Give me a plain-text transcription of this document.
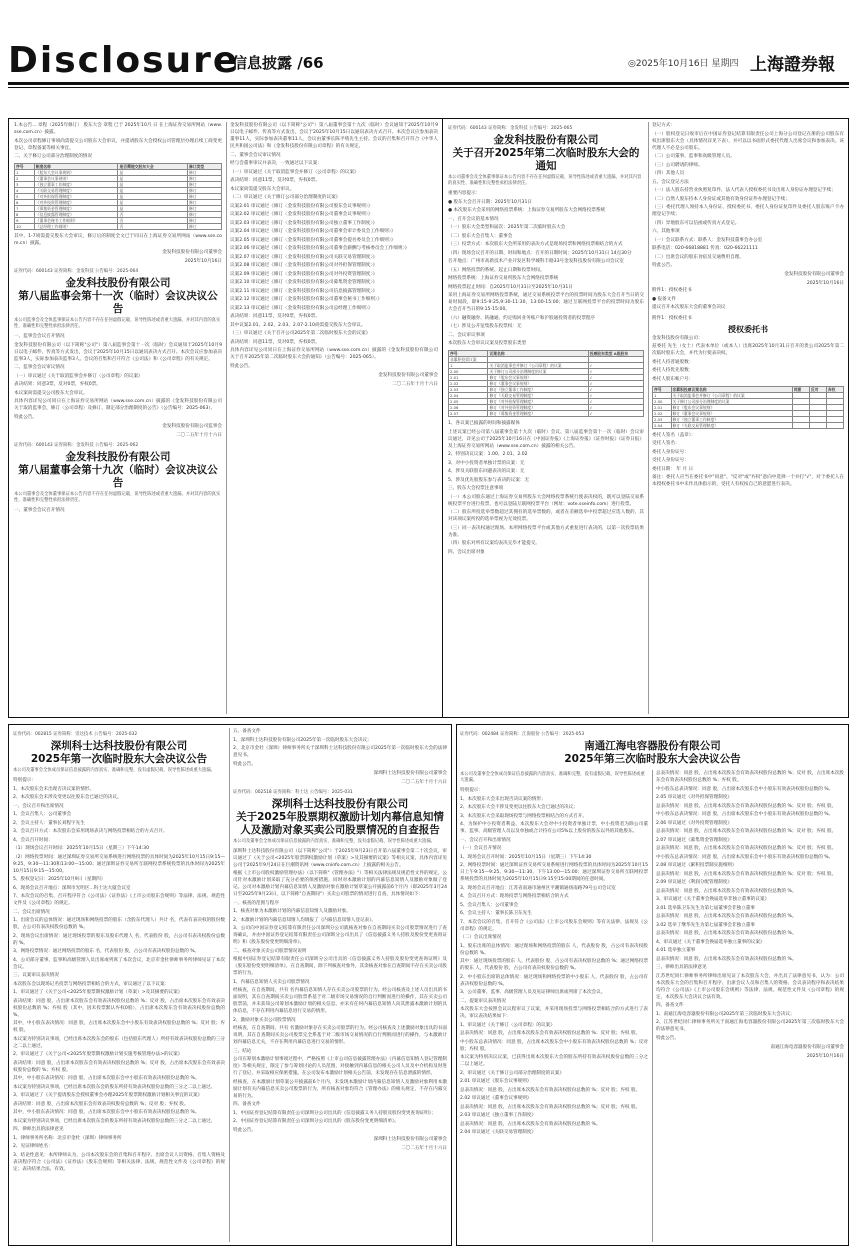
Disclosure
信息披露 /66	◎2025年10月16日 星期四 上海證券報

1.本公告... 章程（2025年修订） 股东大会 章程 已于 2025年10月 日 在上海证券交易所网站（www.sse.com.cn）披露。

本次公司章程修订事项尚需提交公司股东大会审议，并提请股东大会授权公司管理层办理后续工商变更登记、章程备案等相关事宜。

二、关于修订公司部分治理制度的情况

序号	制度名称	是否需提交股东大会	修订类型
1	《股东大会议事规则》	是	修订
2	《董事会议事规则》	是	修订
3	《独立董事工作制度》	是	修订
4	《关联交易管理制度》	是	修订
5	《对外担保管理制度》	是	修订
6	《对外投资管理制度》	是	修订
7	《募集资金管理制度》	是	修订
8	《信息披露管理制度》	否	修订
9	《董事会秘书工作细则》	否	修订
10	《总经理工作细则》	否	修订

其中，1-7项需提交股东大会审议，修订后的制度全文已于同日在上海证券交易所网站（www.sse.com.cn）披露。

金发科技股份有限公司董事会
2025年10月16日
证券代码：600143 证券简称：金发科技 公告编号：2025-064
金发科技股份有限公司
第八届监事会第十一次（临时）会议决议公告
本公司监事会及全体监事保证本公告内容不存在任何虚假记载、误导性陈述或者重大遗漏，并对其内容的真实性、准确性和完整性承担法律责任。

一、监事会会议召开情况

金发科技股份有限公司（以下简称"公司"）第八届监事会第十一次（临时）会议通知于2025年10月9日以电子邮件、传真等方式发出，会议于2025年10月15日以通讯表决方式召开。本次会议应参加表决监事3人，实际参加表决监事3人。会议的召集和召开符合《公司法》和《公司章程》的有关规定。

二、监事会会议审议情况

（一）审议通过《关于取消监事会并修订〈公司章程〉的议案》

表决结果：同意3票，反对0票，弃权0票。

本议案尚需提交公司股东大会审议。

具体内容详见公司同日在上海证券交易所网站（www.sse.com.cn）披露的《金发科技股份有限公司关于取消监事会、修订〈公司章程〉及修订、制定部分治理制度的公告》（公告编号：2025-063）。

特此公告。

金发科技股份有限公司监事会
二〇二五年十月十六日
证券代码：600143 证券简称：金发科技 公告编号：2025-062
金发科技股份有限公司
第八届董事会第十九次（临时）会议决议公告
本公司董事会及全体董事保证本公告内容不存在任何虚假记载、误导性陈述或者重大遗漏，并对其内容的真实性、准确性和完整性承担法律责任。

一、董事会会议召开情况

金发科技股份有限公司（以下简称"公司"）第八届董事会第十九次（临时）会议通知于2025年10月9日以电子邮件、传真等方式发出，会议于2025年10月15日以通讯表决方式召开。本次会议应参加表决董事11人，实际参加表决董事11人。会议由董事长陈平绪先生主持。会议的召集和召开符合《中华人民共和国公司法》和《金发科技股份有限公司章程》的有关规定。

二、董事会会议审议情况

经与会董事审议并表决，一致通过以下议案：

（一）审议通过《关于取消监事会并修订〈公司章程〉的议案》

表决结果：同意11票，反对0票，弃权0票。

本议案尚需提交股东大会审议。

（二）审议通过《关于修订公司部分治理制度的议案》

议案2.01 审议通过《修订〈金发科技股份有限公司股东会议事规则〉》

议案2.02 审议通过《修订〈金发科技股份有限公司董事会议事规则〉》

议案2.03 审议通过《修订〈金发科技股份有限公司独立董事工作制度〉》

议案2.04 审议通过《修订〈金发科技股份有限公司董事会审计委员会工作细则〉》

议案2.05 审议通过《修订〈金发科技股份有限公司董事会提名委员会工作细则〉》

议案2.06 审议通过《修订〈金发科技股份有限公司董事会薪酬与考核委员会工作细则〉》

议案2.07 审议通过《修订〈金发科技股份有限公司关联交易管理制度〉》

议案2.08 审议通过《修订〈金发科技股份有限公司对外担保管理制度〉》

议案2.09 审议通过《修订〈金发科技股份有限公司对外投资管理制度〉》

议案2.10 审议通过《修订〈金发科技股份有限公司募集资金管理制度〉》

议案2.11 审议通过《修订〈金发科技股份有限公司信息披露管理制度〉》

议案2.12 审议通过《修订〈金发科技股份有限公司董事会秘书工作细则〉》

议案2.13 审议通过《修订〈金发科技股份有限公司总经理工作细则〉》

表决结果：同意11票，反对0票，弃权0票。

其中议案2.01、2.02、2.03、2.07-2.10尚需提交股东大会审议。

（三）审议通过《关于召开公司2025年第二次临时股东大会的议案》

表决结果：同意11票，反对0票，弃权0票。

具体内容详见公司同日在上海证券交易所网站（www.sse.com.cn）披露的《金发科技股份有限公司关于召开2025年第二次临时股东大会的通知》（公告编号：2025-065）。

特此公告。

金发科技股份有限公司董事会
二〇二五年十月十六日
证券代码：600143 证券简称：金发科技 公告编号：2025-065
金发科技股份有限公司
关于召开2025年第二次临时股东大会的通知
本公司董事会及全体董事保证本公告内容不存在任何虚假记载、误导性陈述或者重大遗漏，并对其内容的真实性、准确性和完整性承担法律责任。

重要内容提示：

● 股东大会召开日期：2025年10月31日

● 本次股东大会采用的网络投票系统：上海证券交易所股东大会网络投票系统

一、召开会议的基本情况

（一）股东大会类型和届次：2025年第二次临时股东大会

（二）股东大会召集人：董事会

（三）投票方式：本次股东大会所采用的表决方式是现场投票和网络投票相结合的方式

（四）现场会议召开的日期、时间和地点：召开的日期时间：2025年10月31日 14点30分

召开地点：广州市高新技术产业开发区科学城科丰路33号金发科技股份有限公司会议室

（五）网络投票的系统、起止日期和投票时间。

网络投票系统：上海证券交易所股东大会网络投票系统

网络投票起止时间：自2025年10月31日至2025年10月31日

采用上海证券交易所网络投票系统，通过交易系统投票平台的投票时间为股东大会召开当日的交易时间段，即9:15-9:25,9:30-11:30，13:00-15:00；通过互联网投票平台的投票时间为股东大会召开当日的9:15-15:00。

（六）融资融券、转融通、约定购回业务账户和沪股通投资者的投票程序

（七）涉及公开征集股东投票权：无

二、会议审议事项

本次股东大会审议议案及投票股东类型

序号	议案名称	投票股东类型 A股股东
非累积投票议案		
1	关于取消监事会并修订《公司章程》的议案	√
2.00	关于修订公司部分治理制度的议案	√
2.01	修订《股东会议事规则》	√
2.02	修订《董事会议事规则》	√
2.03	修订《独立董事工作制度》	√
2.04	修订《关联交易管理制度》	√
2.05	修订《对外担保管理制度》	√
2.06	修订《对外投资管理制度》	√
2.07	修订《募集资金管理制度》	√

1、各议案已披露的时间和披露媒体

上述议案已经公司第八届董事会第十九次（临时）会议、第八届监事会第十一次（临时）会议审议通过，详见公司于2025年10月16日在《中国证券报》《上海证券报》《证券时报》《证券日报》及上海证券交易所网站（www.sse.com.cn）披露的相关公告。

2、特别决议议案：1.00、2.01、2.02

3、对中小投资者单独计票的议案：无

4、涉及关联股东回避表决的议案：无

5、涉及优先股股东参与表决的议案：无

三、股东大会投票注意事项

（一）本公司股东通过上海证券交易所股东大会网络投票系统行使表决权的，既可以登陆交易系统投票平台进行投票，也可以登陆互联网投票平台（网址：vote.sseinfo.com）进行投票。

（二）股东所投选举票数超过其拥有的选举票数的，或者在差额选举中投票超过应选人数的，其对该项议案所投的选举票视为无效投票。

（三）同一表决权通过现场、本所网络投票平台或其他方式重复进行表决的，以第一次投票结果为准。

（四）股东对所有议案均表决完毕才能提交。

四、会议出席对象

登记方式：

（一）股权登记日收市后在中国证券登记结算有限责任公司上海分公司登记在册的公司股东有权出席股东大会（具体情况详见下表），并可以以书面形式委托代理人出席会议和参加表决。该代理人不必是公司股东。

（二）公司董事、监事和高级管理人员。

（三）公司聘请的律师。

（四）其他人员

五、会议登记方法

（一）法人股东持营业执照复印件、法人代表人授权委托书及出席人身份证办理登记手续；

（二）自然人股东持本人身份证或其他有效身份证件办理登记手续；

（三）委托代理人须持本人身份证、授权委托书、委托人身份证复印件及委托人股东账户卡办理登记手续；

（四）异地股东可以信函或传真方式登记。

六、其他事项

（一）会议联系方式：联系人：金发科技董事会办公室

联系电话：020-66818881 传真：020-66221111

（二）出席会议的股东食宿及交通费用自理。

特此公告。

金发科技股份有限公司董事会
2025年10月16日

附件1：授权委托书

● 报备文件

提议召开本次股东大会的董事会决议

附件1：授权委托书

授权委托书

金发科技股份有限公司：

兹委托 先生（女士）代表本单位（或本人）出席2025年10月31日召开的贵公司2025年第二次临时股东大会，并代为行使表决权。

委托人持普通股数：

委托人持优先股数：

委托人股东帐户号：

序号	非累积投票议案名称	同意	反对	弃权
1	关于取消监事会并修订《公司章程》的议案			
2.00	关于修订公司部分治理制度的议案			
2.01	修订《股东会议事规则》			
2.02	修订《董事会议事规则》			
2.03	修订《独立董事工作制度》			
2.04	修订《关联交易管理制度》			

委托人签名（盖章）：

受托人签名：

委托人身份证号：

受托人身份证号：

委托日期： 年 月 日

备注：委托人应当在委托书中"同意"、"反对"或"弃权"意向中选择一个并打"√"，对于委托人在本授权委托书中未作具体指示的，受托人有权按自己的意愿进行表决。

证券代码：002815 证券简称：崇达技术 公告编号：2025-032
深圳科士达科技股份有限公司
2025年第一次临时股东大会决议公告
本公司及董事会全体成员保证信息披露的内容真实、准确和完整，没有虚假记载、误导性陈述或重大遗漏。

特别提示：

1、本次股东会未出现否决议案的情形。

2、本次股东会未涉及变更以往股东会已通过的决议。

一、会议召开和出席情况

1、会议召集人：公司董事会

2、会议主持人：董事长刘程宇先生

3、会议召开方式：本次股东会采用现场表决与网络投票相结合的方式召开。

4、会议召开时间：

（1）现场会议召开时间：2025年10月15日（星期三）下午14:30

（2）网络投票时间：通过深圳证券交易所交易系统进行网络投票的具体时间为2025年10月15日9:15—9:25，9:30—11:30和13:00—15:00；通过深圳证券交易所互联网投票系统投票的具体时间为2025年10月15日9:15—15:00。

5、股权登记日：2025年10月9日（星期四）

6、现场会议召开地点：深圳市光明区...科士达大厦会议室

7、本次会议的召集、召开程序符合《公司法》《证券法》《上市公司股东会规则》等法律、法规、规范性文件及《公司章程》的规定。

二、会议出席情况

1、出席会议的总体情况：通过现场和网络投票的股东（含股东代理人）共计 名，代表有表决权的股份数 股，占公司有表决权股份总数的 %。

2、现场会议出席情况：通过现场投票的股东及股东代理人 名，代表股份 股，占公司有表决权股份总数的 %。

3、网络投票情况：通过网络投票的股东 名，代表股份 股，占公司有表决权股份总数的 %。

4、公司部分董事、监事和高级管理人员出席或列席了本次会议，北京市金杜律师事务所律师见证了本次会议。

三、议案审议表决情况

本次股东会以现场记名投票与网络投票相结合的方式，审议通过了以下议案：

1、审议通过了《关于公司<2025年股票期权激励计划（草案）>及其摘要的议案》

表决结果：同意 股，占出席本次股东会有效表决权股份总数的 %；反对 股，占出席本次股东会有效表决权股份总数的 %；弃权 股（其中，因未投票默认弃权0股），占出席本次股东会有效表决权股份总数的 %。

其中，中小股东表决情况：同意 股，占出席本次股东会中小股东有效表决权股份总数的 %；反对 股；弃权 股。

本议案为特别决议事项，已经出席本次股东会的股东（包括股东代理人）所持有效表决权股份总数的三分之二以上通过。

2、审议通过了《关于公司<2025年股票期权激励计划实施考核管理办法>的议案》

表决结果：同意 股，占出席本次股东会有效表决权股份总数的 %；反对 股，占出席本次股东会有效表决权股份总数的 %；弃权 股。

其中，中小股东表决情况：同意 股，占出席本次股东会中小股东有效表决权股份总数的 %。

本议案为特别决议事项，已经出席本次股东会的股东所持有效表决权股份总数的三分之二以上通过。

3、审议通过了《关于提请股东会授权董事会办理2025年股票期权激励计划相关事宜的议案》

表决结果：同意 股，占出席本次股东会有效表决权股份总数的 %；反对 股；弃权 股。

其中，中小股东表决情况：同意 股，占出席本次股东会中小股东有效表决权股份总数的 %。

本议案为特别决议事项，已经出席本次股东会的股东所持有效表决权股份总数的三分之二以上通过。

四、律师出具的法律意见

1、律师事务所名称：北京市金杜（深圳）律师事务所

2、见证律师姓名：

3、结论性意见：本所律师认为，公司本次股东会的召集和召开程序、出席会议人员资格、召集人资格及表决程序符合《公司法》《证券法》《股东会规则》等相关法律、法规、规范性文件及《公司章程》的规定；表决结果合法、有效。

五、备查文件

1、深圳科士达科技股份有限公司2025年第一次临时股东大会决议；

2、北京市金杜（深圳）律师事务所关于深圳科士达科技股份有限公司2025年第一次临时股东大会的法律意见书。

特此公告。

深圳科士达科技股份有限公司董事会
二〇二五年十月十六日
证券代码：002518 证券简称：科士达 公告编号：2025-031
深圳科士达科技股份有限公司
关于2025年股票期权激励计划内幕信息知情人及激励对象买卖公司股票情况的自查报告
本公司及董事会全体成员保证信息披露的内容真实、准确和完整，没有虚假记载、误导性陈述或重大遗漏。

深圳科士达科技股份有限公司（以下简称"公司"）于2025年9月23日召开第六届董事会第二十次会议，审议通过了《关于公司<2025年股票期权激励计划（草案）>及其摘要的议案》等相关议案，具体内容详见公司于2025年9月24日在巨潮资讯网（www.cninfo.com.cn）上披露的相关公告。

根据《上市公司股权激励管理办法》（以下简称"《管理办法》"）等相关法律法规及规范性文件的规定，公司针对本激励计划采取了充分必要的保密措施，同时对本激励计划的内幕信息知情人及激励对象做了登记。公司对本激励计划内幕信息知情人及激励对象在激励计划草案公开披露前6个月内（即2025年3月24日至2025年9月23日，以下简称"自查期间"）买卖公司股票的情况进行自查，具体情况如下：

一、核查的范围与程序

1、核查对象为本激励计划的内幕信息知情人及激励对象。

2、本激励计划的内幕信息知情人均填报了《内幕信息知情人登记表》。

3、公司向中国证券登记结算有限责任公司深圳分公司就核查对象在自查期间买卖公司股票情况进行了查询确认，并由中国证券登记结算有限责任公司深圳分公司出具了《信息披露义务人持股及股份变更查询证明》和《股东股份变更明细清单》。

二、核查对象买卖公司股票情况说明

根据中国证券登记结算有限责任公司深圳分公司出具的《信息披露义务人持股及股份变更查询证明》及《股东股份变更明细清单》，在自查期间，除下列核查对象外，其余核查对象在自查期间不存在买卖公司股票的行为。

1、内幕信息知情人买卖公司股票情况

经核查，在自查期间，共有 名内幕信息知情人存在买卖公司股票的行为。经公司核查及上述人员出具的书面说明，其在自查期间买卖公司股票系基于对二级市场交易情况的自行判断而进行的操作，其在买卖公司股票前，并未获知公司筹划本激励计划的相关信息，亦未有任何内幕信息知情人向其泄露本激励计划的具体信息，不存在利用内幕信息进行交易的情形。

2、激励对象买卖公司股票情况

经核查，在自查期间，共有 名激励对象存在买卖公司股票的行为。经公司核查及上述激励对象出具的书面说明，其在自查期间买卖公司股票完全系基于对二级市场交易情况的自行判断而进行的操作，与本激励计划内幕信息无关，不存在利用内幕信息进行交易的情形。

三、结论

公司在筹划本激励计划事项过程中，严格按照《上市公司信息披露管理办法》《内幕信息知情人登记管理制度》等相关规定，限定了参与筹划讨论的人员范围，对接触到内幕信息的相关公司人员及中介机构及时进行了登记，并采取相应保密措施。在公司发布本激励计划相关公告前，未发现存在信息泄露的情形。

经核查，在本激励计划草案公开披露前6个月内，未发现本激励计划内幕信息知情人及激励对象利用本激励计划有关内幕信息买卖公司股票的行为，所有核查对象均符合《管理办法》的相关规定，不存在内幕交易的行为。

四、备查文件

1、中国证券登记结算有限责任公司深圳分公司出具的《信息披露义务人持股及股份变更查询证明》；

2、中国证券登记结算有限责任公司深圳分公司出具的《股东股份变更明细清单》。

特此公告。

深圳科士达科技股份有限公司董事会
二〇二五年十月十六日
证券代码：002484 证券简称：江海股份 公告编号：2025-053
南通江海电容器股份有限公司
2025年第三次临时股东大会决议公告
本公司及董事会全体成员保证信息披露的内容真实、准确和完整，没有虚假记载、误导性陈述或重大遗漏。

特别提示：

1、本次股东大会未出现否决议案的情形；

2、本次股东大会不涉及变更以往股东大会已通过的决议；

3、本次股东大会采取现场投票与网络投票相结合的方式召开。

4、为保护中小投资者利益，本次股东大会对中小投资者单独计票，中小投资者为除公司董事、监事、高级管理人员以及单独或合计持有公司5%以上股份的股东以外的其他股东。

一、会议召开和出席情况

（一）会议召开情况

1、现场会议召开时间：2025年10月15日（星期三）下午14:30

2、网络投票时间：通过深圳证券交易所交易系统进行网络投票的具体时间为2025年10月15日上午9:15—9:25、9:30—11:30，下午13:00—15:00；通过深圳证券交易所互联网投票系统投票的具体时间为2025年10月15日9:15至15:00期间的任意时间。

3、现场会议召开地点：江苏省南通市通州区平潮镇通扬南路79号公司会议室

4、会议召开方式：现场投票与网络投票相结合的方式

5、会议召集人：公司董事会

6、会议主持人：董事长陈卫东先生

7、本次会议的召集、召开符合《公司法》《上市公司股东会规则》等有关法律、法规及《公司章程》的规定。

（二）会议出席情况

1、股东出席的总体情况：通过现场和网络投票的股东 人，代表股份 股，占公司有表决权股份总数的 %。

其中：通过现场投票的股东 人，代表股份 股，占公司有表决权股份总数的 %；通过网络投票的股东 人，代表股份 股，占公司有表决权股份总数的 %。

2、中小股东出席的总体情况：通过现场和网络投票的中小股东 人，代表股份 股，占公司有表决权股份总数的 %。

3、公司董事、监事、高级管理人员及见证律师出席或列席了本次会议。

二、提案审议表决情况

本次股东大会按照会议议程审议了议案，并采用现场投票与网络投票相结合的方式进行了表决。审议表决结果如下：

1、审议通过《关于修订〈公司章程〉的议案》

总表决情况：同意 股，占出席本次股东会有效表决权股份总数的 %；反对 股；弃权 股。

中小股东总表决情况：同意 股，占出席本次股东会中小股东有效表决权股份总数的 %；反对 股；弃权 股。

本议案为特别决议议案，已获得出席本次股东大会的股东所持有效表决权股份总数的三分之二以上通过。

2、审议通过《关于修订公司部分治理制度的议案》

2.01 审议通过《股东会议事规则》

总表决情况：同意 股，占出席本次股东会有效表决权股份总数的 %；反对 股；弃权 股。

2.02 审议通过《董事会议事规则》

总表决情况：同意 股，占出席本次股东会有效表决权股份总数的 %；反对 股；弃权 股。

2.03 审议通过《独立董事工作制度》

总表决情况：同意 股，占出席本次股东会有效表决权股份总数的 %。

2.04 审议通过《关联交易管理制度》

总表决情况：同意 股，占出席本次股东会有效表决权股份总数的 %；反对 股，占出席本次股东会有效表决权股份总数的 %；弃权 股。

中小股东总表决情况：同意 股，占出席本次股东会中小股东有效表决权股份总数的 %。

2.05 审议通过《对外担保管理制度》

总表决情况：同意 股，占出席本次股东会有效表决权股份总数的 %；反对 股；弃权 股。

中小股东总表决情况：同意 股，占出席本次股东会中小股东有效表决权股份总数的 %。

2.06 审议通过《对外投资管理制度》

总表决情况：同意 股，占出席本次股东会有效表决权股份总数的 %；反对 股；弃权 股。

2.07 审议通过《募集资金管理制度》

总表决情况：同意 股，占出席本次股东会有效表决权股份总数的 %；反对 股；弃权 股。

中小股东总表决情况：同意 股，占出席本次股东会中小股东有效表决权股份总数的 %。

2.08 审议通过《累积投票制实施细则》

总表决情况：同意 股，占出席本次股东会有效表决权股份总数的 %；反对 股；弃权 股。

2.09 审议通过《利润分配管理制度》

总表决情况：同意 股，占出席本次股东会有效表决权股份总数的 %。

3、审议通过《关于董事会换届选举非独立董事的议案》

3.01 选举陈卫东先生为第七届董事会非独立董事

总表决情况：同意 股，占出席本次股东会有效表决权股份总数的 %。

3.02 选举丁继华先生为第七届董事会非独立董事

总表决情况：同意 股，占出席本次股东会有效表决权股份总数的 %。

4、审议通过《关于董事会换届选举独立董事的议案》

4.01 选举独立董事

总表决情况：同意 股，占出席本次股东会有效表决权股份总数的 %。

三、律师出具的法律意见

江苏世纪同仁律师事务所律师出席见证了本次股东大会，并出具了法律意见书，认为：公司本次股东大会的召集和召开程序、出席会议人员和召集人的资格、会议表决程序和表决结果均符合《公司法》《上市公司股东会规则》等法律、法规、规范性文件及《公司章程》的规定，本次股东大会决议合法有效。

四、备查文件

1、南通江海电容器股份有限公司2025年第三次临时股东大会决议；

2、江苏世纪同仁律师事务所关于南通江海电容器股份有限公司2025年第三次临时股东大会的法律意见书。

特此公告。

南通江海电容器股份有限公司董事会
2025年10月16日
